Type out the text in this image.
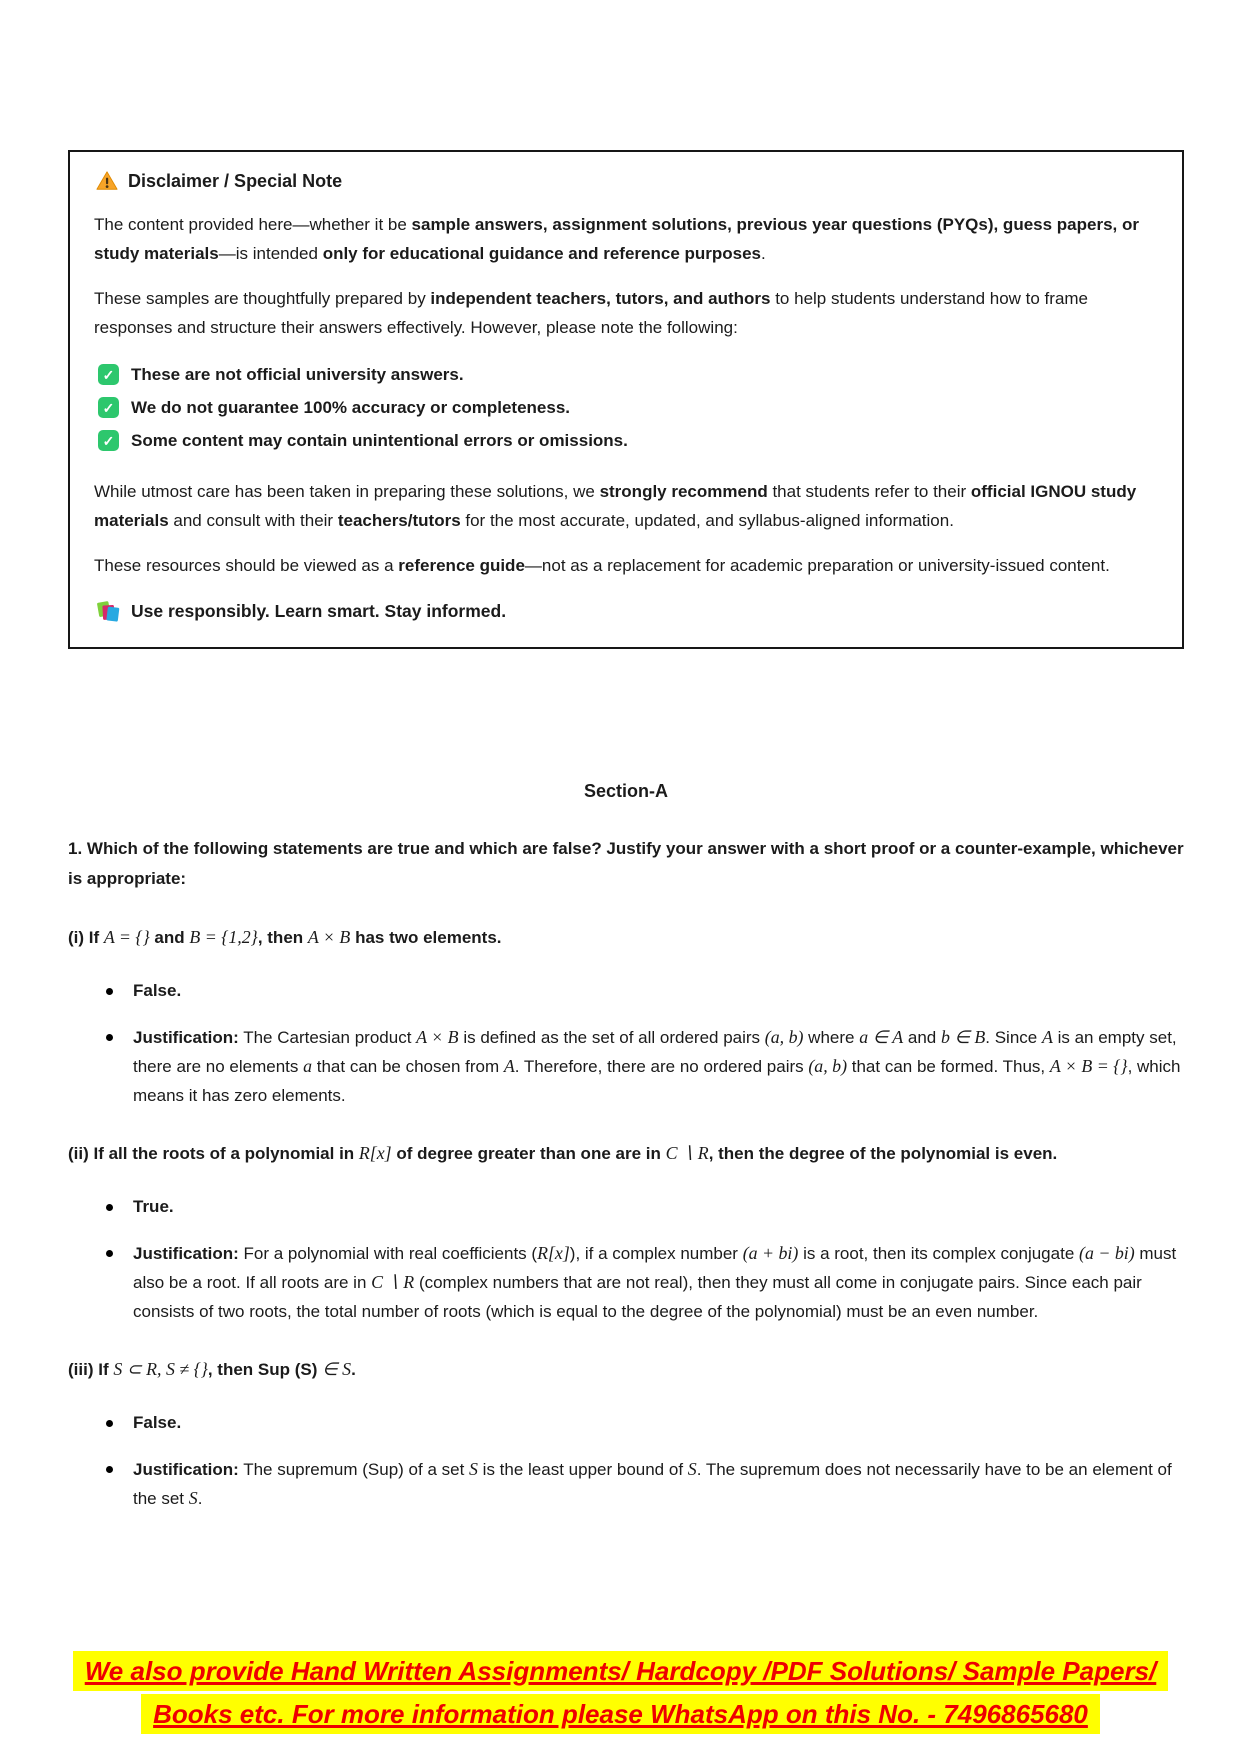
Disclaimer / Special Note

The content provided here—whether it be sample answers, assignment solutions, previous year questions (PYQs), guess papers, or study materials—is intended only for educational guidance and reference purposes.

These samples are thoughtfully prepared by independent teachers, tutors, and authors to help students understand how to frame responses and structure their answers effectively. However, please note the following:

✓
These are not official university answers.
✓
We do not guarantee 100% accuracy or completeness.
✓
Some content may contain unintentional errors or omissions.

While utmost care has been taken in preparing these solutions, we strongly recommend that students refer to their official IGNOU study materials and consult with their teachers/tutors for the most accurate, updated, and syllabus-aligned information.

These resources should be viewed as a reference guide—not as a replacement for academic preparation or university-issued content.

Use responsibly. Learn smart. Stay informed.
Section-A

1. Which of the following statements are true and which are false? Justify your answer with a short proof or a counter-example, whichever is appropriate:

(i) If A = {} and B = {1,2}, then A × B has two elements.

False.
Justification: The Cartesian product A × B is defined as the set of all ordered pairs (a, b) where a ∈ A and b ∈ B. Since A is an empty set, there are no elements a that can be chosen from A. Therefore, there are no ordered pairs (a, b) that can be formed. Thus, A × B = {}, which means it has zero elements.

(ii) If all the roots of a polynomial in R[x] of degree greater than one are in C ∖ R, then the degree of the polynomial is even.

True.
Justification: For a polynomial with real coefficients (R[x]), if a complex number (a + bi) is a root, then its complex conjugate (a − bi) must also be a root. If all roots are in C ∖ R (complex numbers that are not real), then they must all come in conjugate pairs. Since each pair consists of two roots, the total number of roots (which is equal to the degree of the polynomial) must be an even number.

(iii) If S ⊂ R, S ≠ {}, then Sup (S) ∈ S.

False.
Justification: The supremum (Sup) of a set S is the least upper bound of S. The supremum does not necessarily have to be an element of the set S.
We also provide Hand Written Assignments/ Hardcopy /PDF Solutions/ Sample Papers/
Books etc. For more information please WhatsApp on this No. - 7496865680
